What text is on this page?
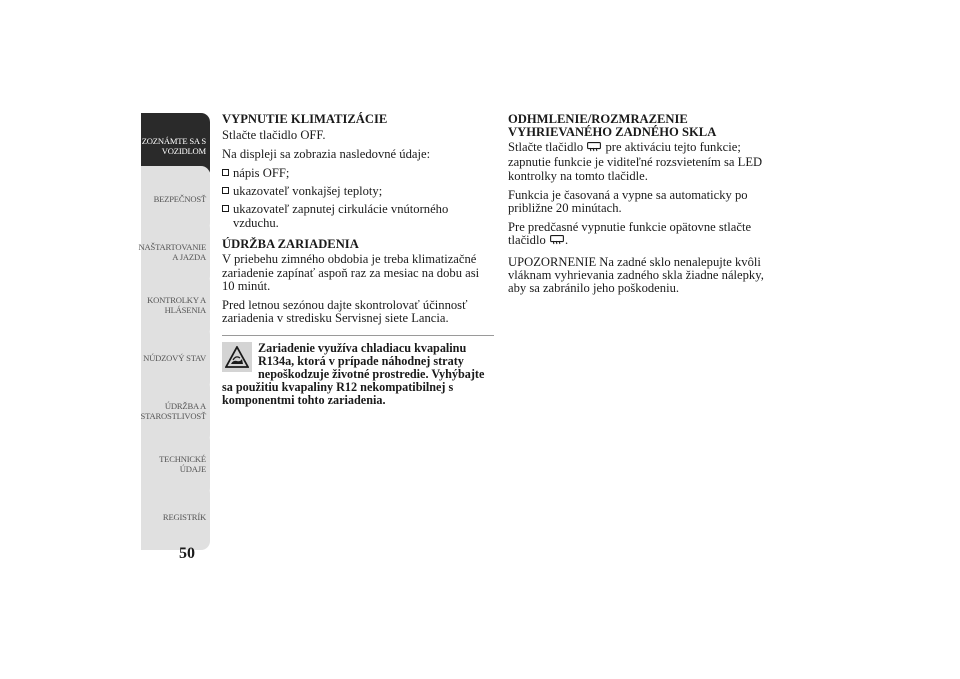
ZOZNÁMTE SA S
VOZIDLOM
BEZPEČNOSŤ
NAŠTARTOVANIE
A JAZDA
KONTROLKY A
HLÁSENIA
NÚDZOVÝ STAV
ÚDRŽBA A
STAROSTLIVOSŤ
TECHNICKÉ
ÚDAJE
REGISTRÍK
50
VYPNUTIE KLIMATIZÁCIE

Stlačte tlačidlo OFF.

Na displeji sa zobrazia nasledovné údaje:

nápis OFF;
ukazovateľ vonkajšej teploty;
ukazovateľ zapnutej cirkulácie vnútorného vzduchu.
ÚDRŽBA ZARIADENIA

V priebehu zimného obdobia je treba klimatizačné zariadenie zapínať aspoň raz za mesiac na dobu asi 10 minút.

Pred letnou sezónou dajte skontrolovať účinnosť zariadenia v stredisku Servisnej siete Lancia.

Zariadenie využíva chladiacu kvapalinu R134a, ktorá v prípade náhodnej straty nepoškodzuje životné prostredie. Vyhýbajte sa použitiu kvapaliny R12 nekompatibilnej s komponentmi tohto zariadenia.
ODHMLENIE/ROZMRAZENIE VYHRIEVANÉHO ZADNÉHO SKLA

Stlačte tlačidlo pre aktiváciu tejto funkcie; zapnutie funkcie je viditeľné rozsvietením sa LED kontrolky na tomto tlačidle.

Funkcia je časovaná a vypne sa automaticky po približne 20 minútach.

Pre predčasné vypnutie funkcie opätovne stlačte tlačidlo .

UPOZORNENIE Na zadné sklo nenalepujte kvôli vláknam vyhrievania zadného skla žiadne nálepky, aby sa zabránilo jeho poškodeniu.
